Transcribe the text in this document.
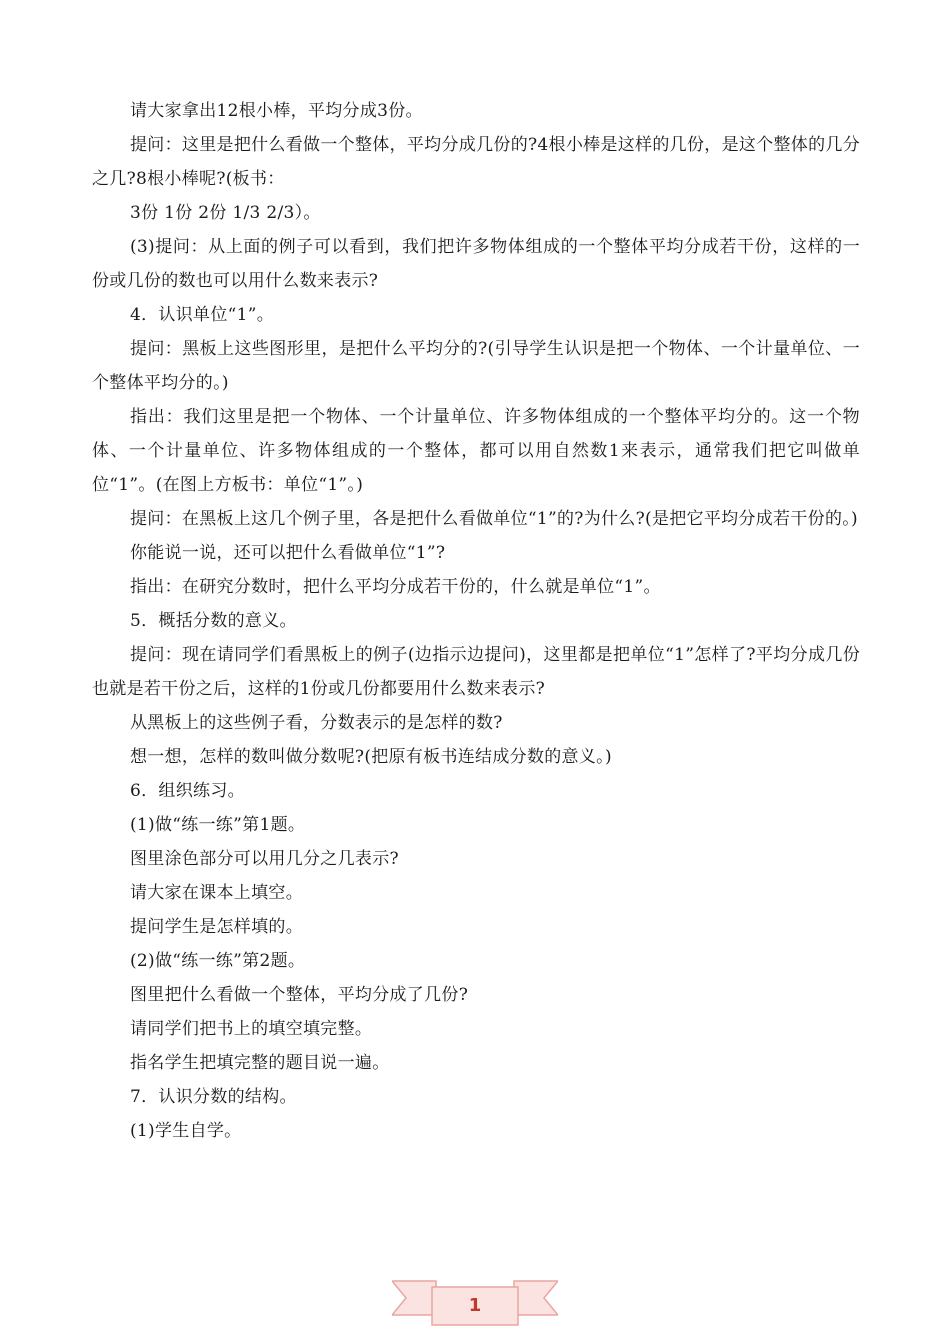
请大家拿出12根小棒，平均分成3份。

提问：这里是把什么看做一个整体，平均分成几份的?4根小棒是这样的几份，是这个整体的几分之几?8根小棒呢?(板书：

3份 1份 2份 1/3 2/3）。

(3)提问：从上面的例子可以看到，我们把许多物体组成的一个整体平均分成若干份，这样的一份或几份的数也可以用什么数来表示?

4．认识单位“1”。

提问：黑板上这些图形里，是把什么平均分的?(引导学生认识是把一个物体、一个计量单位、一个整体平均分的。)

指出：我们这里是把一个物体、一个计量单位、许多物体组成的一个整体平均分的。这一个物体、一个计量单位、许多物体组成的一个整体，都可以用自然数1来表示，通常我们把它叫做单位“1”。(在图上方板书：单位“1”。)

提问：在黑板上这几个例子里，各是把什么看做单位“1”的?为什么?(是把它平均分成若干份的。)

你能说一说，还可以把什么看做单位“1”?

指出：在研究分数时，把什么平均分成若干份的，什么就是单位“1”。

5．概括分数的意义。

提问：现在请同学们看黑板上的例子(边指示边提问)，这里都是把单位“1”怎样了?平均分成几份也就是若干份之后，这样的1份或几份都要用什么数来表示?

从黑板上的这些例子看，分数表示的是怎样的数?

想一想，怎样的数叫做分数呢?(把原有板书连结成分数的意义。)

6．组织练习。

(1)做“练一练”第1题。

图里涂色部分可以用几分之几表示?

请大家在课本上填空。

提问学生是怎样填的。

(2)做“练一练”第2题。

图里把什么看做一个整体，平均分成了几份?

请同学们把书上的填空填完整。

指名学生把填完整的题目说一遍。

7．认识分数的结构。

(1)学生自学。

1
